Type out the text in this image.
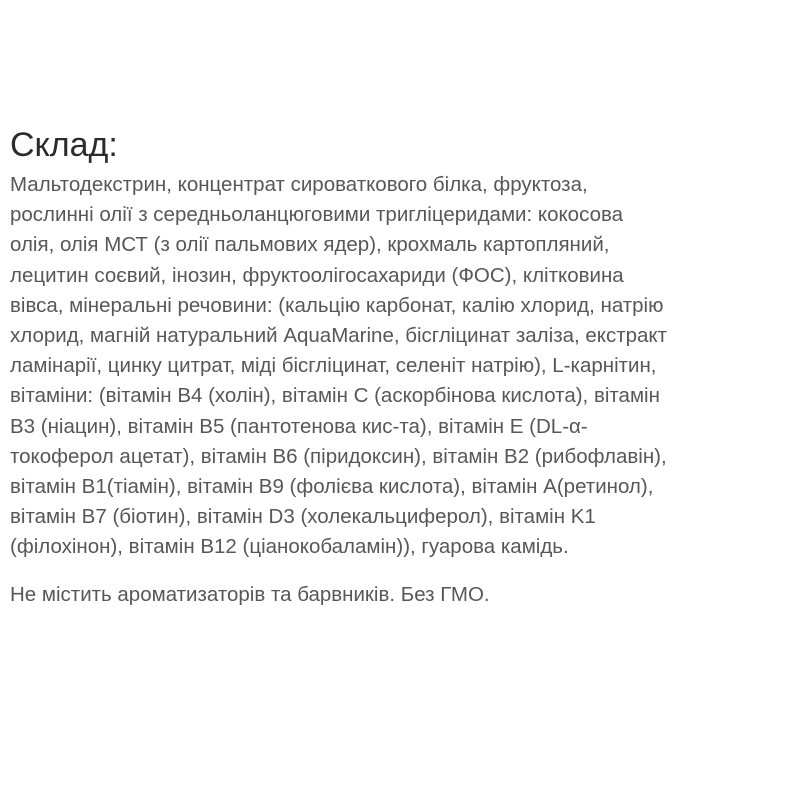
Склад:
Мальтодекстрин, концентрат сироваткового білка, фруктоза,
рослинні олії з середньоланцюговими тригліцеридами: кокосова
олія, олія МСТ (з олії пальмових ядер), крохмаль картопляний,
лецитин соєвий, інозин, фруктоолігосахариди (ФОС), клітковина
вівса, мінеральні речовини: (кальцію карбонат, калію хлорид, натрію
хлорид, магній натуральний AquaMarine, бісгліцинат заліза, екстракт
ламінарії, цинку цитрат, міді бісгліцинат, селеніт натрію), L-карнітин,
вітаміни: (вітамін B4 (холін), вітамін C (аскорбінова кислота), вітамін
B3 (ніацин), вітамін B5 (пантотенова кис-та), вітамін E (DL-α-
токоферол ацетат), вітамін B6 (піридоксин), вітамін B2 (рибофлавін),
вітамін B1(тіамін), вітамін B9 (фолієва кислота), вітамін A(ретинол),
вітамін B7 (біотин), вітамін D3 (холекальциферол), вітамін K1
(філохінон), вітамін B12 (ціанокобаламін)), гуарова камідь.
Не містить ароматизаторів та барвників. Без ГМО.
